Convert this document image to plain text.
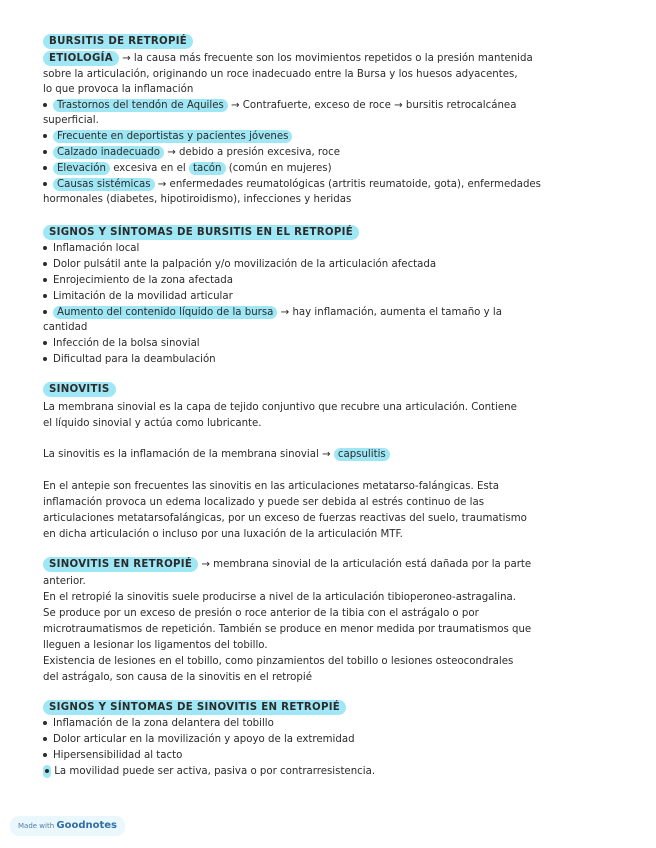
BURSITIS DE RETROPIÉ
ETIOLOGÍA → la causa más frecuente son los movimientos repetidos o la presión mantenida
sobre la articulación, originando un roce inadecuado entre la Bursa y los huesos adyacentes,
lo que provoca la inflamación
Trastornos del tendón de Aquiles → Contrafuerte, exceso de roce → bursitis retrocalcánea
superficial.
Frecuente en deportistas y pacientes jóvenes
Calzado inadecuado → debido a presión excesiva, roce
Elevación excesiva en el tacón (común en mujeres)
Causas sistémicas → enfermedades reumatológicas (artritis reumatoide, gota), enfermedades
hormonales (diabetes, hipotiroidismo), infecciones y heridas
SIGNOS Y SÍNTOMAS DE BURSITIS EN EL RETROPIÉ
Inflamación local
Dolor pulsátil ante la palpación y/o movilización de la articulación afectada
Enrojecimiento de la zona afectada
Limitación de la movilidad articular
Aumento del contenido líquido de la bursa → hay inflamación, aumenta el tamaño y la
cantidad
Infección de la bolsa sinovial
Dificultad para la deambulación
SINOVITIS
La membrana sinovial es la capa de tejido conjuntivo que recubre una articulación. Contiene
el líquido sinovial y actúa como lubricante.
La sinovitis es la inflamación de la membrana sinovial → capsulitis
En el antepie son frecuentes las sinovitis en las articulaciones metatarso-falángicas. Esta
inflamación provoca un edema localizado y puede ser debida al estrés continuo de las
articulaciones metatarsofalángicas, por un exceso de fuerzas reactivas del suelo, traumatismo
en dicha articulación o incluso por una luxación de la articulación MTF.
SINOVITIS EN RETROPIÉ → membrana sinovial de la articulación está dañada por la parte
anterior.
En el retropié la sinovitis suele producirse a nivel de la articulación tibioperoneo-astragalina.
Se produce por un exceso de presión o roce anterior de la tibia con el astrágalo o por
microtraumatismos de repetición. También se produce en menor medida por traumatismos que
lleguen a lesionar los ligamentos del tobillo.
Existencia de lesiones en el tobillo, como pinzamientos del tobillo o lesiones osteocondrales
del astrágalo, son causa de la sinovitis en el retropié
SIGNOS Y SÍNTOMAS DE SINOVITIS EN RETROPIÉ
Inflamación de la zona delantera del tobillo
Dolor articular en la movilización y apoyo de la extremidad
Hipersensibilidad al tacto
La movilidad puede ser activa, pasiva o por contrarresistencia.
Made with Goodnotes
